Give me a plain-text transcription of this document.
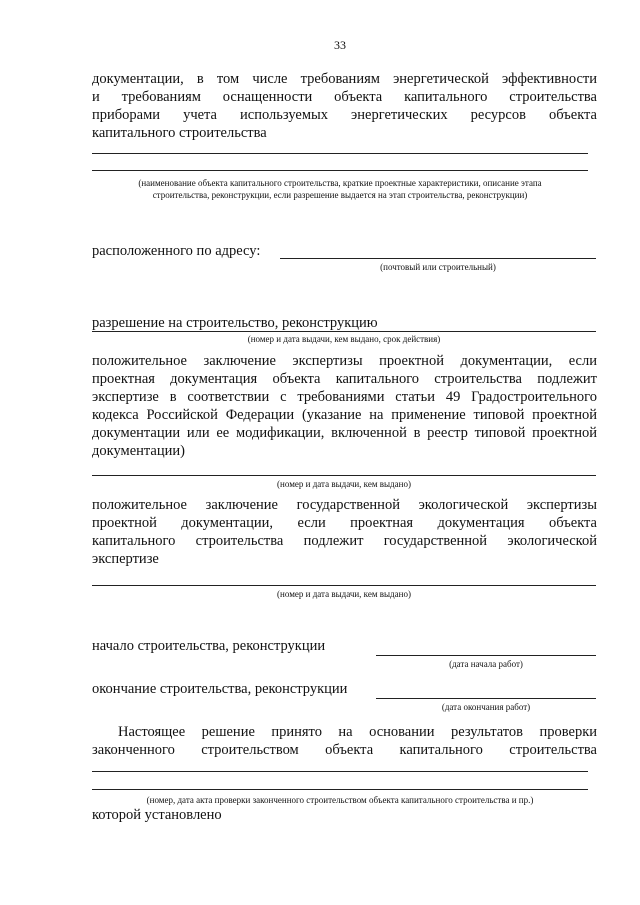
33
документации, в том числе требованиям энергетической эффективности
и требованиям оснащенности объекта капитального строительства
приборами учета используемых энергетических ресурсов объекта
капитального строительства
(наименование объекта капитального строительства, краткие проектные характеристики, описание этапа
строительства, реконструкции, если разрешение выдается на этап строительства, реконструкции)
расположенного по адресу:
(почтовый или строительный)
разрешение на строительство, реконструкцию
(номер и дата выдачи, кем выдано, срок действия)
положительное заключение экспертизы проектной документации, если
проектная документация объекта капитального строительства подлежит
экспертизе в соответствии с требованиями статьи 49 Градостроительного
кодекса Российской Федерации (указание на применение типовой проектной
документации или ее модификации, включенной в реестр типовой проектной
документации)
(номер и дата выдачи, кем выдано)
положительное заключение государственной экологической экспертизы
проектной документации, если проектная документация объекта
капитального строительства подлежит государственной экологической
экспертизе
(номер и дата выдачи, кем выдано)
начало строительства, реконструкции
(дата начала работ)
окончание строительства, реконструкции
(дата окончания работ)
Настоящее решение принято на основании результатов проверки
законченного строительством объекта капитального строительства
(номер, дата акта проверки законченного строительством объекта капитального строительства и пр.)
которой установлено
